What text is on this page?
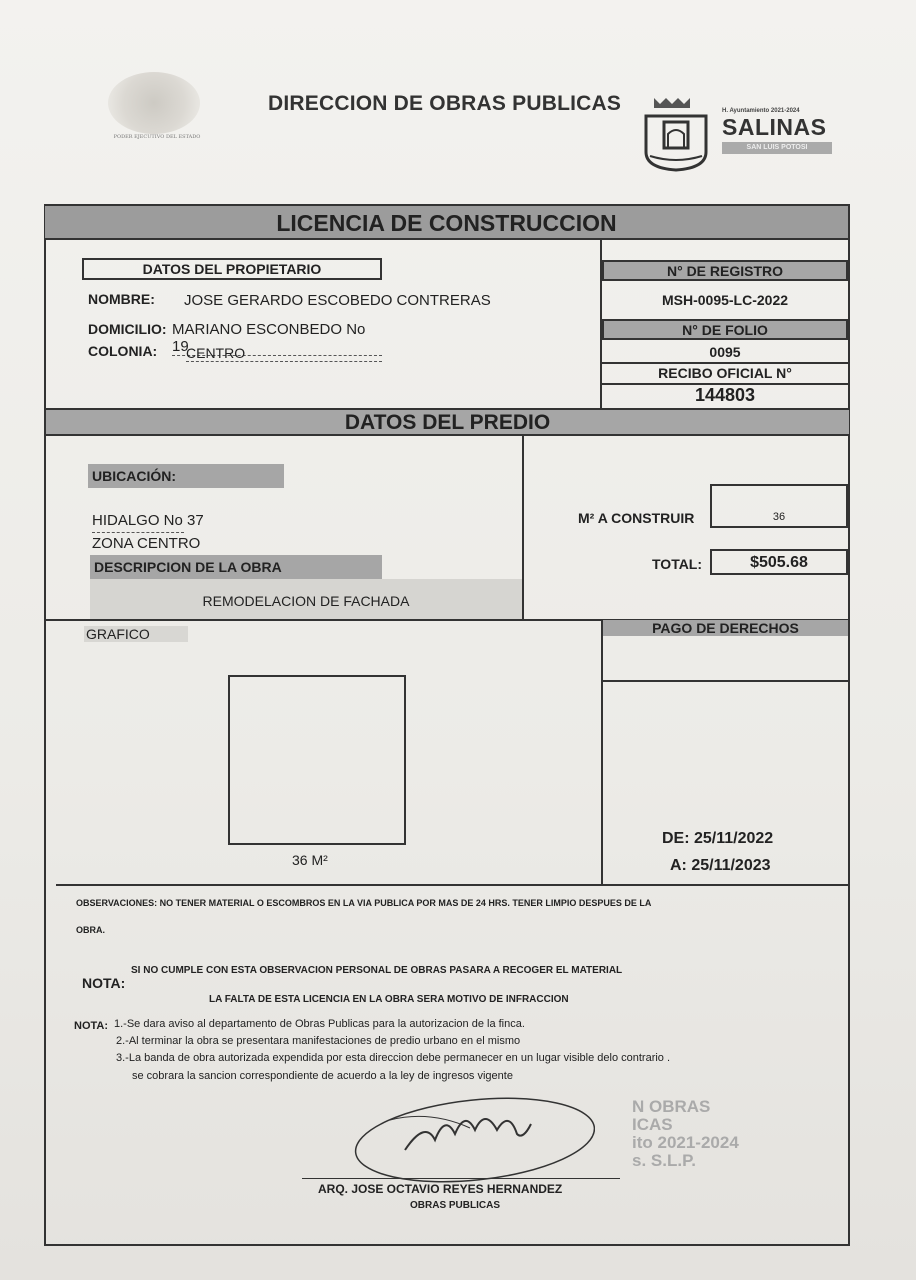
PODER EJECUTIVO DEL ESTADO
DIRECCION DE OBRAS PUBLICAS	H. Ayuntamiento 2021-2024
SALINAS
SAN LUIS POTOSI
LICENCIA DE CONSTRUCCION
DATOS DEL PROPIETARIO
NOMBRE: JOSE GERARDO ESCOBEDO CONTRERAS
DOMICILIO: MARIANO ESCONBEDO No 19
COLONIA: CENTRO
N° DE REGISTRO
MSH-0095-LC-2022
N° DE FOLIO
0095
RECIBO OFICIAL N°
144803
DATOS DEL PREDIO
UBICACIÓN:
HIDALGO No 37
ZONA CENTRO
DESCRIPCION DE LA OBRA
REMODELACION DE FACHADA
M² A CONSTRUIR	36
TOTAL:	$505.68
GRAFICO
36 M²
PAGO DE DERECHOS
DE: 25/11/2022
A: 25/11/2023
OBSERVACIONES: NO TENER MATERIAL O ESCOMBROS EN LA VIA PUBLICA POR MAS DE 24 HRS. TENER LIMPIO DESPUES DE LA
OBRA.
NOTA:
SI NO CUMPLE CON ESTA OBSERVACION PERSONAL DE OBRAS PASARA A RECOGER EL MATERIAL
LA FALTA DE ESTA LICENCIA EN LA OBRA SERA MOTIVO DE INFRACCION
NOTA: 1.-Se dara aviso al departamento de Obras Publicas para la autorizacion de la finca.
2.-Al terminar la obra se presentara manifestaciones de predio urbano en el mismo
3.-La banda de obra autorizada expendida por esta direccion debe permanecer en un lugar visible delo contrario .
se cobrara la sancion correspondiente de acuerdo a la ley de ingresos vigente
N OBRAS
ICAS
ito 2021-2024
s. S.L.P.
ARQ. JOSE OCTAVIO REYES HERNANDEZ
OBRAS PUBLICAS
